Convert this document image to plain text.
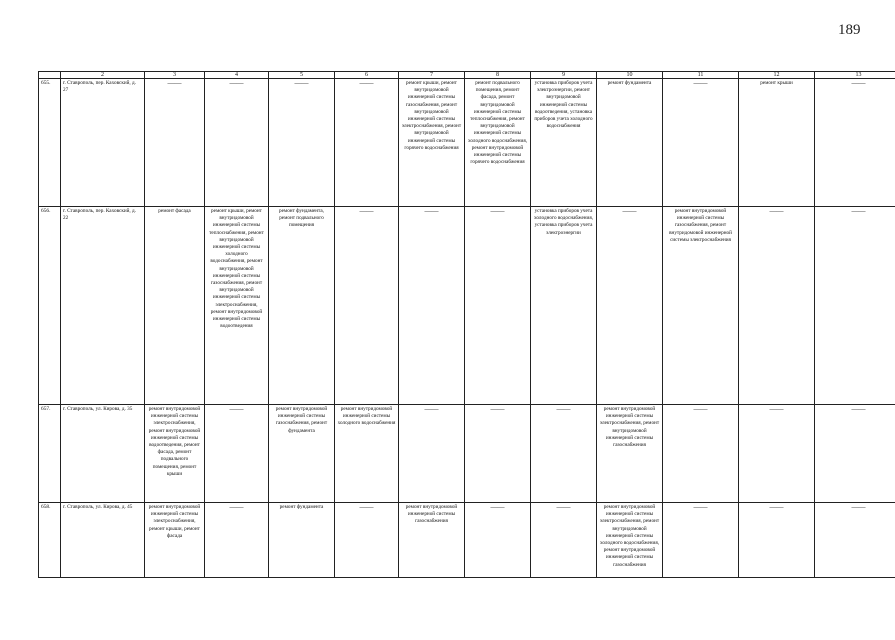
189
	2	3	4	5	6	7	8	9	10	11	12	13
655.	г. Ставрополь, пер. Каховский, д. 27	——	——	——	——	ремонт крыши, ремонт внутридомовой инженерной системы газоснабжения, ремонт внутридомовой инженерной системы электроснабжения, ремонт внутридомовой инженерной системы горячего водоснабжения	ремонт подвального помещения, ремонт фасада, ремонт внутридомовой инженерной системы теплоснабжения, ремонт внутридомовой инженерной системы холодного водоснабжения, ремонт внутридомовой инженерной системы горячего водоснабжения	установка приборов учета электроэнергии, ремонт внутридомовой инженерной системы водоотведения, установка приборов учета холодного водоснабжения	ремонт фундамента	——	ремонт крыши	——

656.	г. Ставрополь, пер. Каховский, д. 22	ремонт фасада	ремонт крыши, ремонт внутридомовой инженерной системы теплоснабжения, ремонт внутридомовой инженерной системы холодного водоснабжения, ремонт внутридомовой инженерной системы газоснабжения, ремонт внутридомовой инженерной системы электроснабжения, ремонт внутридомовой инженерной системы водоотведения	ремонт фундамента, ремонт подвального помещения	——	——	——	установка приборов учета холодного водоснабжения, установка приборов учета электроэнергии	——	ремонт внутридомовой инженерной системы газоснабжения, ремонт внутридомовой инженерной системы электроснабжения	——	——

657.	г. Ставрополь, ул. Кирова, д. 35	ремонт внутридомовой инженерной системы электроснабжения, ремонт внутридомовой инженерной системы водоотведения, ремонт фасада, ремонт подвального помещения, ремонт крыши	——	ремонт внутридомовой инженерной системы газоснабжения, ремонт фундамента	ремонт внутридомовой инженерной системы холодного водоснабжения	——	——	——	ремонт внутридомовой инженерной системы электроснабжения, ремонт внутридомовой инженерной системы газоснабжения	——	——	——

658.	г. Ставрополь, ул. Кирова, д. 45	ремонт внутридомовой инженерной системы электроснабжения, ремонт крыши, ремонт фасада	——	ремонт фундамента	——	ремонт внутридомовой инженерной системы газоснабжения	——	——	ремонт внутридомовой инженерной системы электроснабжения, ремонт внутридомовой инженерной системы холодного водоснабжения, ремонт внутридомовой инженерной системы газоснабжения	——	——	——
